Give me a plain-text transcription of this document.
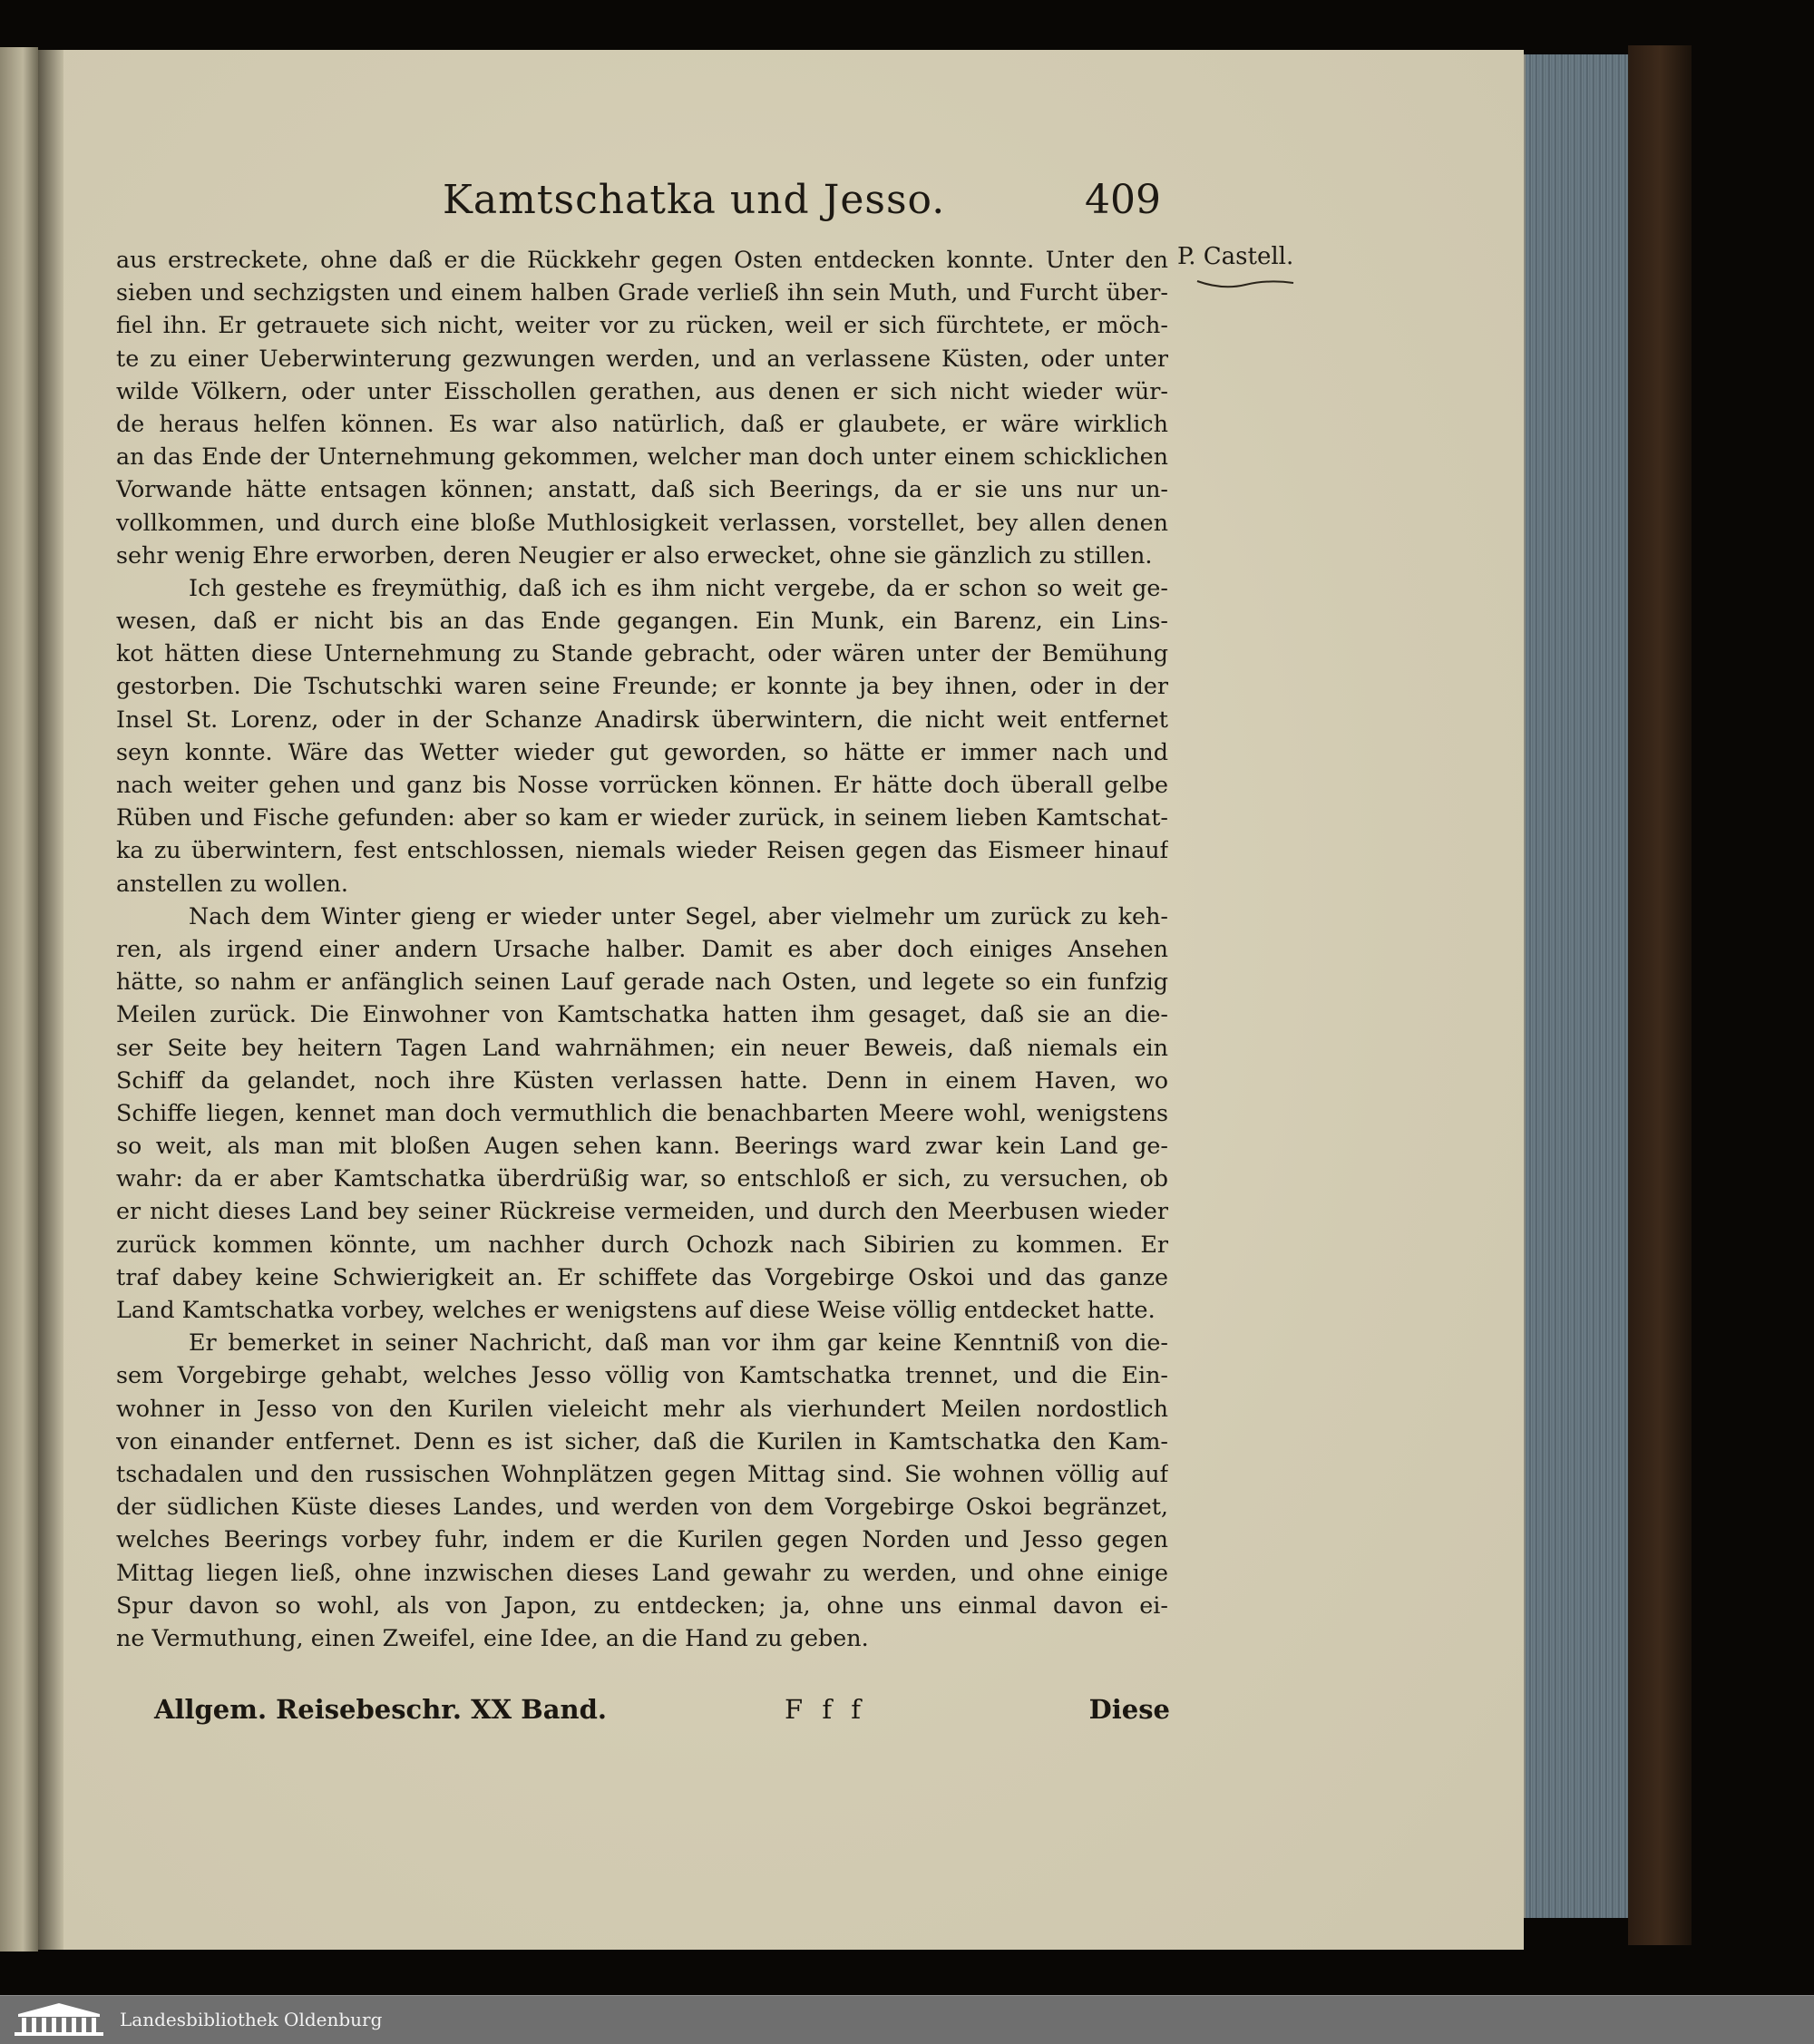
Kamtschatka und Jesso.	409
P. Castell.
aus erstreckete, ohne daß er die Rückkehr gegen Osten entdecken konnte. Unter den
sieben und sechzigsten und einem halben Grade verließ ihn sein Muth, und Furcht über-
fiel ihn. Er getrauete sich nicht, weiter vor zu rücken, weil er sich fürchtete, er möch-
te zu einer Ueberwinterung gezwungen werden, und an verlassene Küsten, oder unter
wilde Völkern, oder unter Eisschollen gerathen, aus denen er sich nicht wieder wür-
de heraus helfen können. Es war also natürlich, daß er glaubete, er wäre wirklich
an das Ende der Unternehmung gekommen, welcher man doch unter einem schicklichen
Vorwande hätte entsagen können; anstatt, daß sich Beerings, da er sie uns nur un-
vollkommen, und durch eine bloße Muthlosigkeit verlassen, vorstellet, bey allen denen
sehr wenig Ehre erworben, deren Neugier er also erwecket, ohne sie gänzlich zu stillen.
Ich gestehe es freymüthig, daß ich es ihm nicht vergebe, da er schon so weit ge-
wesen, daß er nicht bis an das Ende gegangen. Ein Munk, ein Barenz, ein Lins-
kot hätten diese Unternehmung zu Stande gebracht, oder wären unter der Bemühung
gestorben. Die Tschutschki waren seine Freunde; er konnte ja bey ihnen, oder in der
Insel St. Lorenz, oder in der Schanze Anadirsk überwintern, die nicht weit entfernet
seyn konnte. Wäre das Wetter wieder gut geworden, so hätte er immer nach und
nach weiter gehen und ganz bis Nosse vorrücken können. Er hätte doch überall gelbe
Rüben und Fische gefunden: aber so kam er wieder zurück, in seinem lieben Kamtschat-
ka zu überwintern, fest entschlossen, niemals wieder Reisen gegen das Eismeer hinauf
anstellen zu wollen.
Nach dem Winter gieng er wieder unter Segel, aber vielmehr um zurück zu keh-
ren, als irgend einer andern Ursache halber. Damit es aber doch einiges Ansehen
hätte, so nahm er anfänglich seinen Lauf gerade nach Osten, und legete so ein funfzig
Meilen zurück. Die Einwohner von Kamtschatka hatten ihm gesaget, daß sie an die-
ser Seite bey heitern Tagen Land wahrnähmen; ein neuer Beweis, daß niemals ein
Schiff da gelandet, noch ihre Küsten verlassen hatte. Denn in einem Haven, wo
Schiffe liegen, kennet man doch vermuthlich die benachbarten Meere wohl, wenigstens
so weit, als man mit bloßen Augen sehen kann. Beerings ward zwar kein Land ge-
wahr: da er aber Kamtschatka überdrüßig war, so entschloß er sich, zu versuchen, ob
er nicht dieses Land bey seiner Rückreise vermeiden, und durch den Meerbusen wieder
zurück kommen könnte, um nachher durch Ochozk nach Sibirien zu kommen. Er
traf dabey keine Schwierigkeit an. Er schiffete das Vorgebirge Oskoi und das ganze
Land Kamtschatka vorbey, welches er wenigstens auf diese Weise völlig entdecket hatte.
Er bemerket in seiner Nachricht, daß man vor ihm gar keine Kenntniß von die-
sem Vorgebirge gehabt, welches Jesso völlig von Kamtschatka trennet, und die Ein-
wohner in Jesso von den Kurilen vieleicht mehr als vierhundert Meilen nordostlich
von einander entfernet. Denn es ist sicher, daß die Kurilen in Kamtschatka den Kam-
tschadalen und den russischen Wohnplätzen gegen Mittag sind. Sie wohnen völlig auf
der südlichen Küste dieses Landes, und werden von dem Vorgebirge Oskoi begränzet,
welches Beerings vorbey fuhr, indem er die Kurilen gegen Norden und Jesso gegen
Mittag liegen ließ, ohne inzwischen dieses Land gewahr zu werden, und ohne einige
Spur davon so wohl, als von Japon, zu entdecken; ja, ohne uns einmal davon ei-
ne Vermuthung, einen Zweifel, eine Idee, an die Hand zu geben.
Allgem. Reisebeschr. XX Band.	F f f	Diese
Landesbibliothek Oldenburg
